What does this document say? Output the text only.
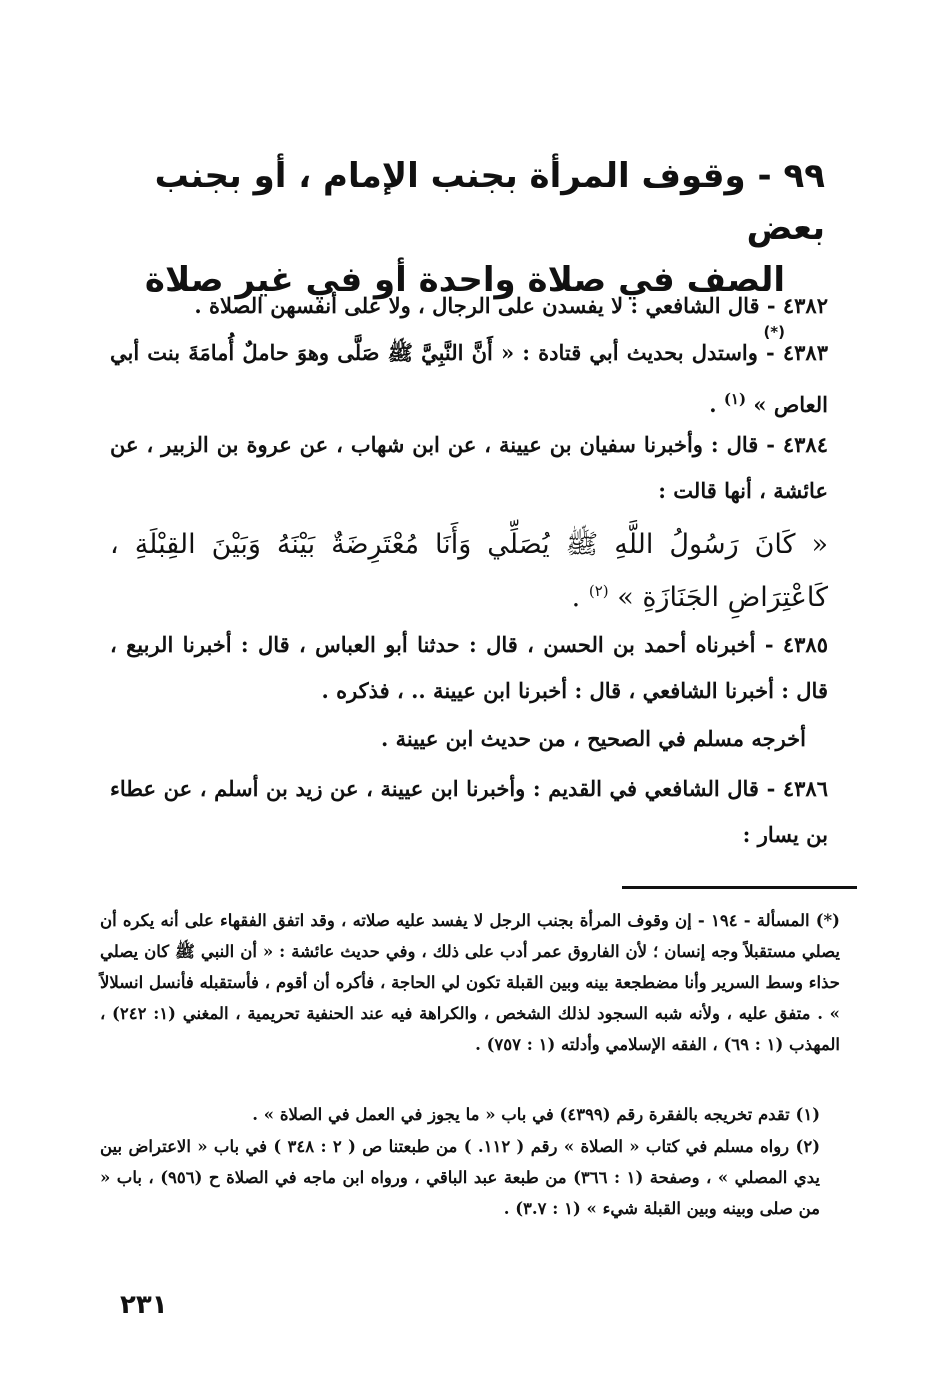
٩٩ - وقوف المرأة بجنب الإمام ، أو بجنب بعض
الصف في صلاة واحدة أو في غير صلاة (*)

٤٣٨٢ - قال الشافعي : لا يفسدن على الرجال ، ولا على أنفسهن الصلاة .

٤٣٨٣ - واستدل بحديث أبي قتادة : « أَنَّ النَّبِيَّ ﷺ صَلَّى وهوَ حاملٌ أُمامَةَ بنت أبي العاص » $^{(١)}$ .

٤٣٨٤ - قال : وأخبرنا سفيان بن عيينة ، عن ابن شهاب ، عن عروة بن الزبير ، عن عائشة ، أنها قالت :

« كَانَ رَسُولُ اللَّهِ ﷺ يُصَلِّي وَأَنَا مُعْتَرِضَةٌ بَيْنَهُ وَبَيْنَ القِبْلَةِ ، كَاعْتِرَاضِ الجَنَازَةِ » $^{(٢)}$ .

٤٣٨٥ - أخبرناه أحمد بن الحسن ، قال : حدثنا أبو العباس ، قال : أخبرنا الربيع ، قال : أخبرنا الشافعي ، قال : أخبرنا ابن عيينة .. ، فذكره .

أخرجه مسلم في الصحيح ، من حديث ابن عيينة .

٤٣٨٦ - قال الشافعي في القديم : وأخبرنا ابن عيينة ، عن زيد بن أسلم ، عن عطاء بن يسار :

(*) المسألة - ١٩٤ - إن وقوف المرأة بجنب الرجل لا يفسد عليه صلاته ، وقد اتفق الفقهاء على أنه يكره أن يصلي مستقبلاً وجه إنسان ؛ لأن الفاروق عمر أدب على ذلك ، وفي حديث عائشة : « أن النبي ﷺ كان يصلي حذاء وسط السرير وأنا مضطجعة بينه وبين القبلة تكون لي الحاجة ، فأكره أن أقوم ، فأستقبله فأنسل انسلالاً » . متفق عليه ، ولأنه شبه السجود لذلك الشخص ، والكراهة فيه عند الحنفية تحريمية ، المغني (١: ٢٤٢) ، المهذب (١ : ٦٩) ، الفقه الإسلامي وأدلته (١ : ٧٥٧) .

(١) تقدم تخريجه بالفقرة رقم (٤٣٩٩) في باب « ما يجوز في العمل في الصلاة » .

(٢) رواه مسلم في كتاب « الصلاة » رقم ( ١١٢. ) من طبعتنا ص ( ٢ : ٣٤٨ ) في باب « الاعتراض بين يدي المصلي » ، وصفحة (١ : ٣٦٦) من طبعة عبد الباقي ، ورواه ابن ماجه في الصلاة ح (٩٥٦) ، باب « من صلى وبينه وبين القبلة شيء » (١ : ٣.٧) .

٢٣١
